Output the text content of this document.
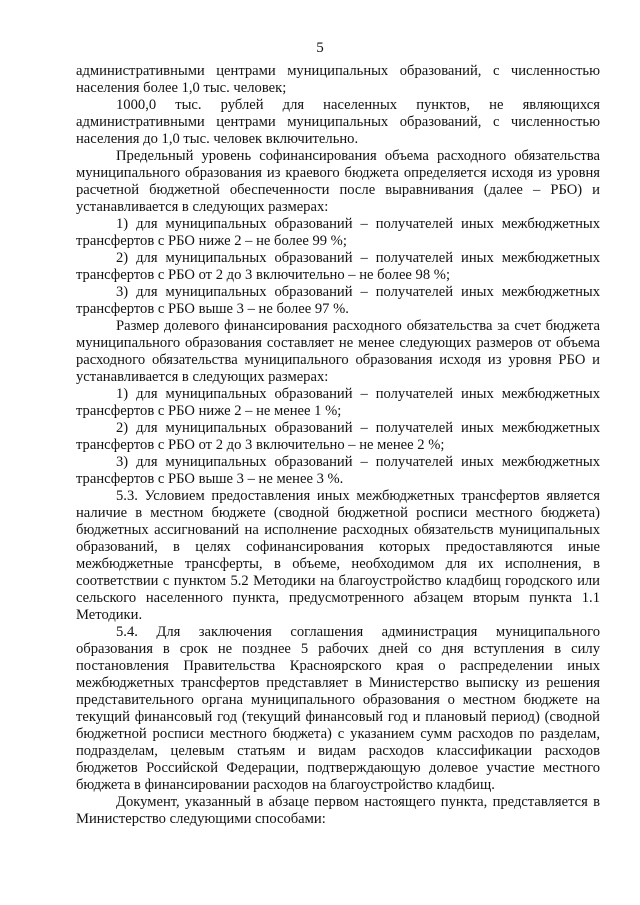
5

административными центрами муниципальных образований, с численностью населения более 1,0 тыс. человек;

1000,0 тыс. рублей для населенных пунктов, не являющихся административными центрами муниципальных образований, с численностью населения до 1,0 тыс. человек включительно.

Предельный уровень софинансирования объема расходного обязательства муниципального образования из краевого бюджета определяется исходя из уровня расчетной бюджетной обеспеченности после выравнивания (далее – РБО) и устанавливается в следующих размерах:

1) для муниципальных образований – получателей иных межбюджетных трансфертов с РБО ниже 2 – не более 99 %;

2) для муниципальных образований – получателей иных межбюджетных трансфертов с РБО от 2 до 3 включительно – не более 98 %;

3) для муниципальных образований – получателей иных межбюджетных трансфертов с РБО выше 3 – не более 97 %.

Размер долевого финансирования расходного обязательства за счет бюджета муниципального образования составляет не менее следующих размеров от объема расходного обязательства муниципального образования исходя из уровня РБО и устанавливается в следующих размерах:

1) для муниципальных образований – получателей иных межбюджетных трансфертов с РБО ниже 2 – не менее 1 %;

2) для муниципальных образований – получателей иных межбюджетных трансфертов с РБО от 2 до 3 включительно – не менее 2 %;

3) для муниципальных образований – получателей иных межбюджетных трансфертов с РБО выше 3 – не менее 3 %.

5.3. Условием предоставления иных межбюджетных трансфертов является наличие в местном бюджете (сводной бюджетной росписи местного бюджета) бюджетных ассигнований на исполнение расходных обязательств муниципальных образований, в целях софинансирования которых предоставляются иные межбюджетные трансферты, в объеме, необходимом для их исполнения, в соответствии с пунктом 5.2 Методики на благоустройство кладбищ городского или сельского населенного пункта, предусмотренного абзацем вторым пункта 1.1 Методики.

5.4. Для заключения соглашения администрация муниципального образования в срок не позднее 5 рабочих дней со дня вступления в силу постановления Правительства Красноярского края о распределении иных межбюджетных трансфертов представляет в Министерство выписку из решения представительного органа муниципального образования о местном бюджете на текущий финансовый год (текущий финансовый год и плановый период) (сводной бюджетной росписи местного бюджета) с указанием сумм расходов по разделам, подразделам, целевым статьям и видам расходов классификации расходов бюджетов Российской Федерации, подтверждающую долевое участие местного бюджета в финансировании расходов на благоустройство кладбищ.

Документ, указанный в абзаце первом настоящего пункта, представляется в Министерство следующими способами:
